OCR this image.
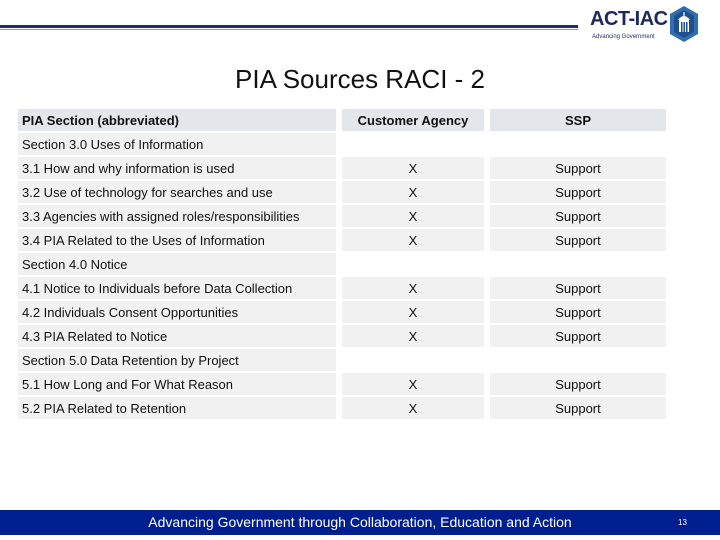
ACT-IAC
Advancing Government
PIA Sources RACI - 2
PIA Section (abbreviated)	Customer Agency	SSP
Section 3.0 Uses of Information		
3.1 How and why information is used	X	Support
3.2 Use of technology for searches and use	X	Support
3.3 Agencies with assigned roles/responsibilities	X	Support
3.4 PIA Related to the Uses of Information	X	Support
Section 4.0 Notice		
4.1 Notice to Individuals before Data Collection	X	Support
4.2 Individuals Consent Opportunities	X	Support
4.3 PIA Related to Notice	X	Support
Section 5.0 Data Retention by Project		
5.1 How Long and For What Reason	X	Support
5.2 PIA Related to Retention	X	Support
Advancing Government through Collaboration, Education and Action	13
